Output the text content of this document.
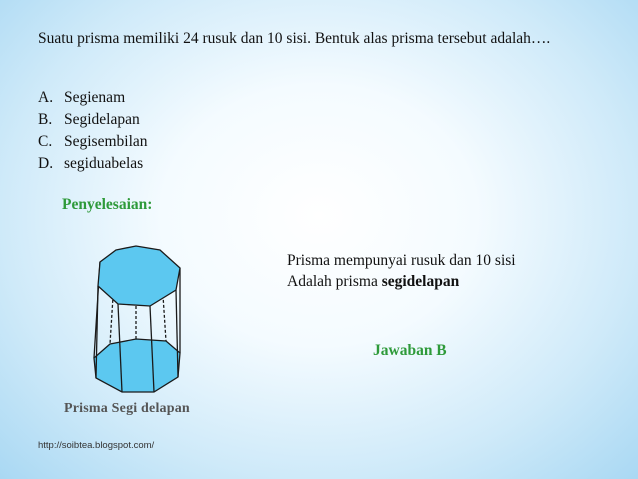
Suatu prisma memiliki 24 rusuk dan 10 sisi. Bentuk alas prisma tersebut adalah….
A. Segienam
B. Segidelapan
C. Segisembilan
D. segiduabelas
Penyelesaian:
Prisma Segi delapan
Prisma mempunyai rusuk dan 10 sisi
Adalah prisma segidelapan
Jawaban B
http://soibtea.blogspot.com/
